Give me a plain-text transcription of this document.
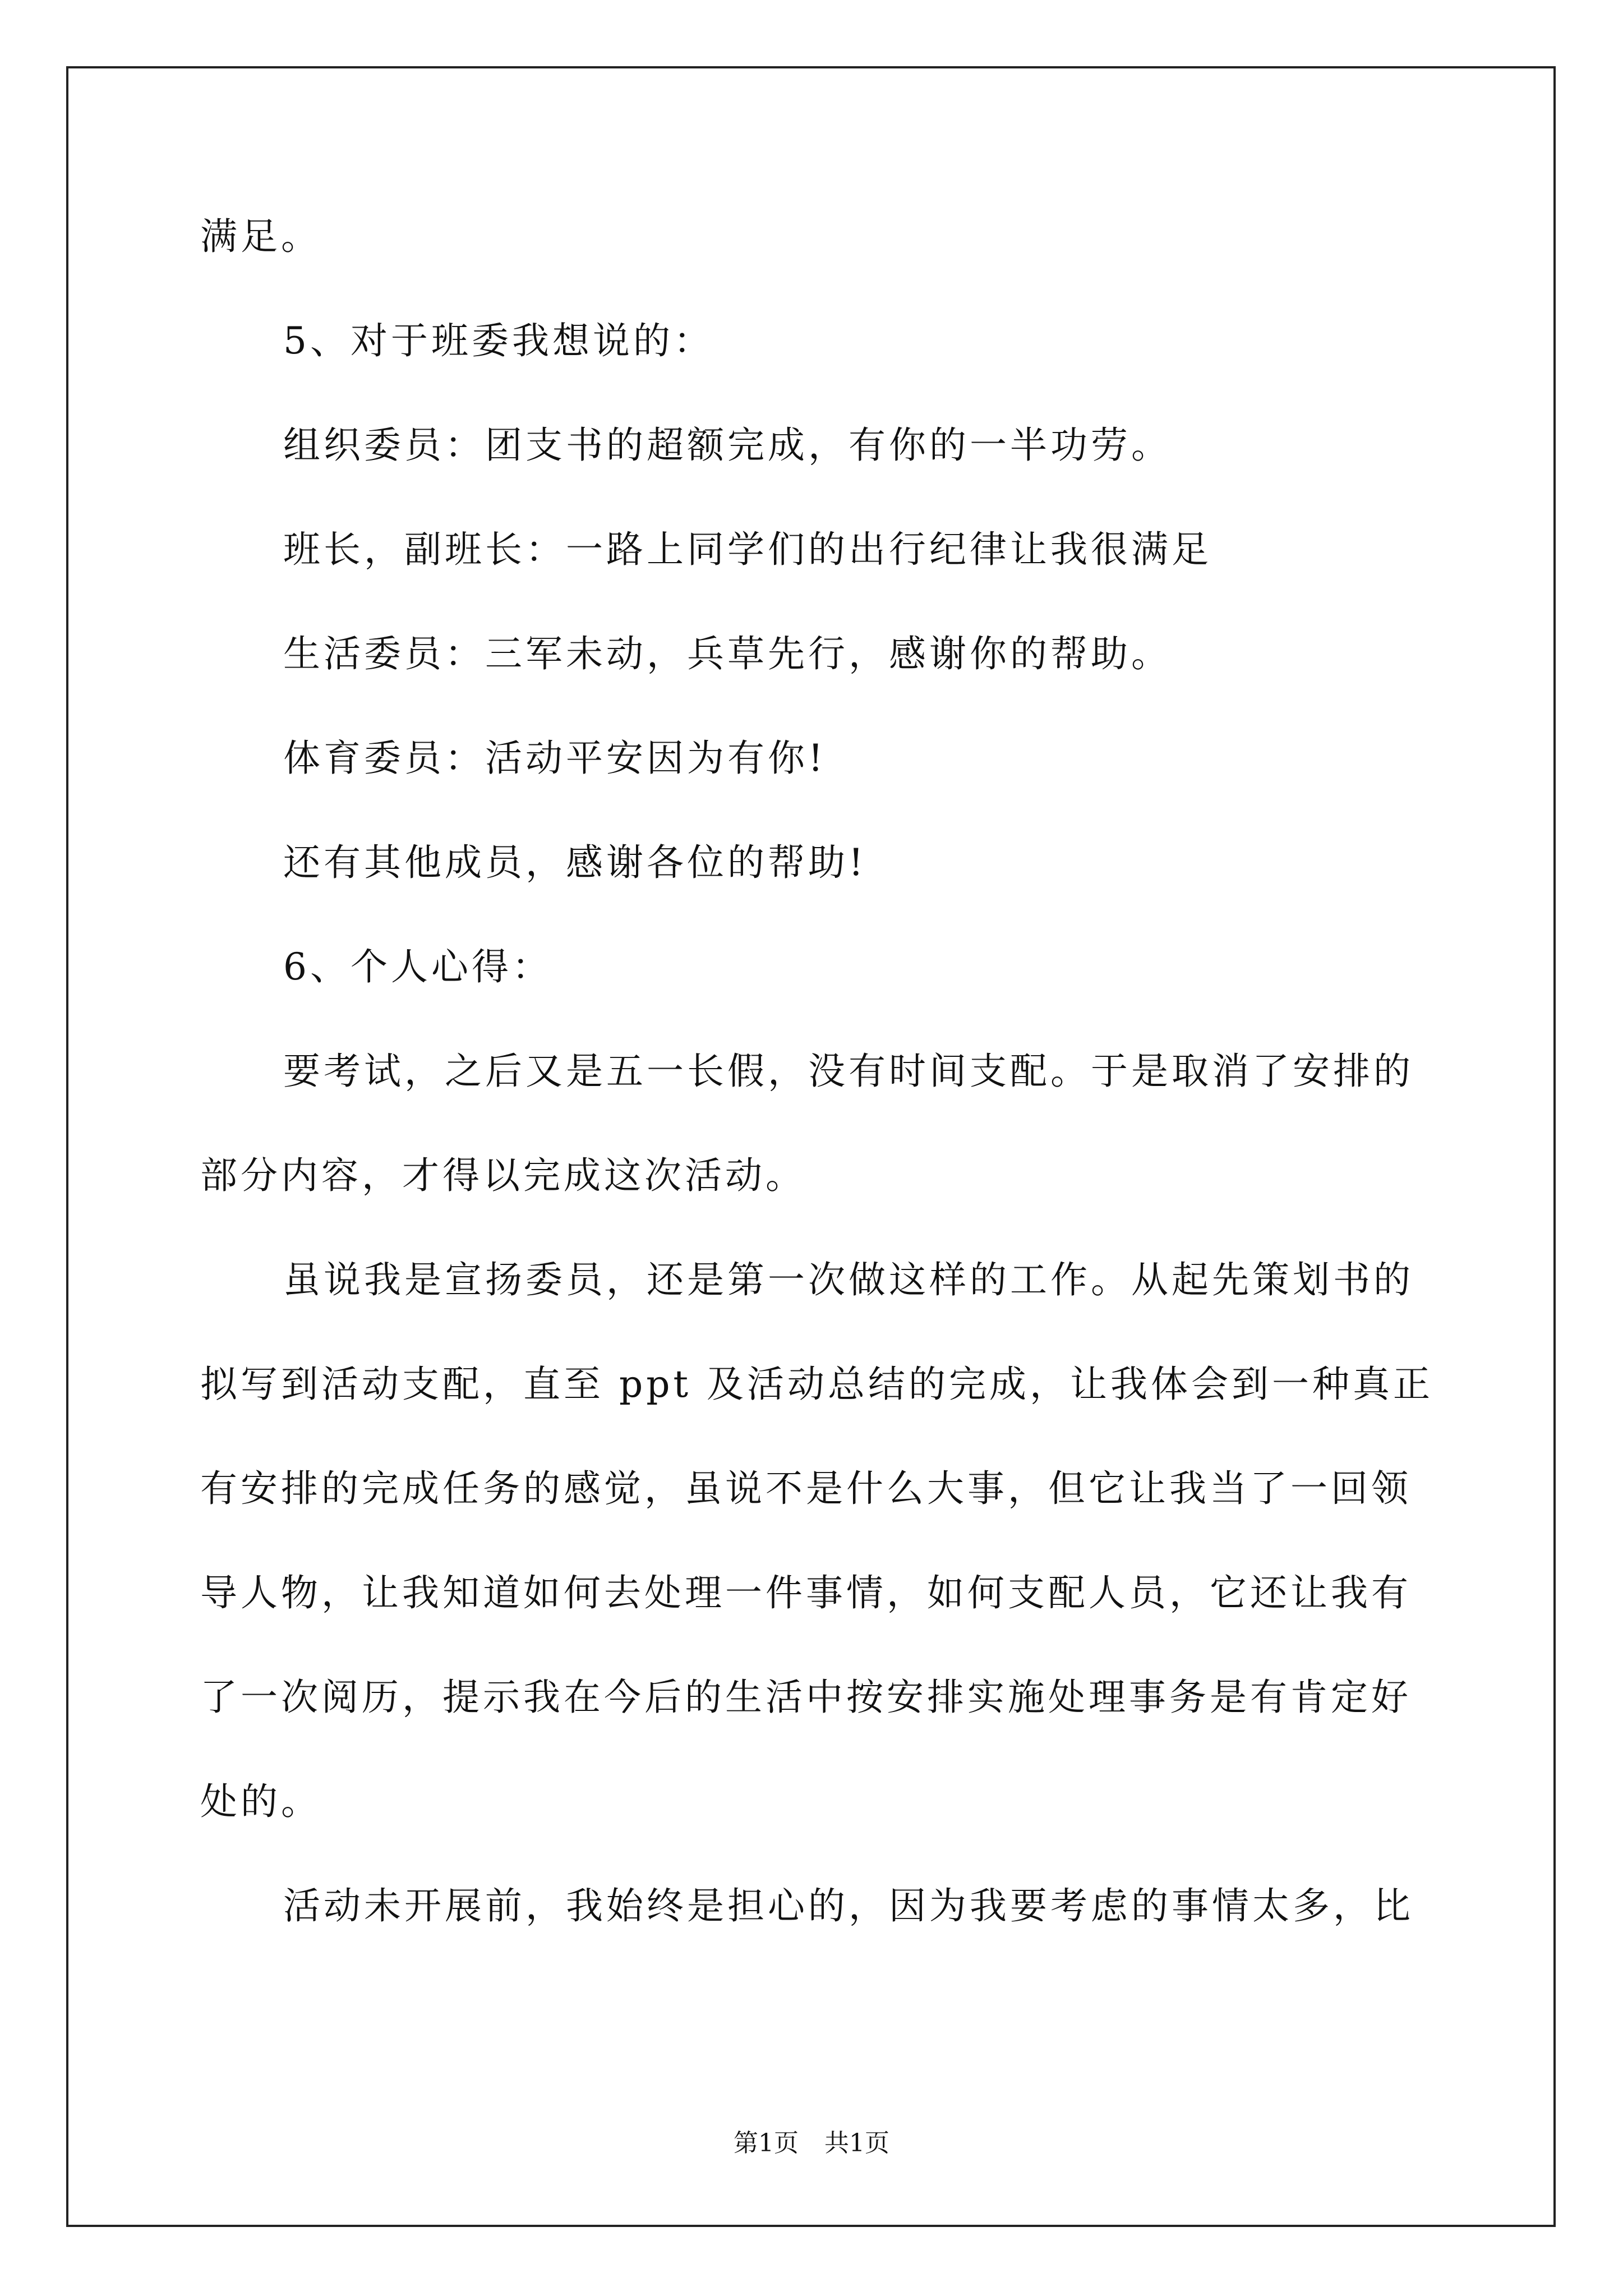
满足。
5、对于班委我想说的：
组织委员：团支书的超额完成，有你的一半功劳。
班长，副班长：一路上同学们的出行纪律让我很满足
生活委员：三军未动，兵草先行，感谢你的帮助。
体育委员：活动平安因为有你!
还有其他成员，感谢各位的帮助!
6、个人心得：
要考试，之后又是五一长假，没有时间支配。于是取消了安排的
部分内容，才得以完成这次活动。
虽说我是宣扬委员，还是第一次做这样的工作。从起先策划书的
拟写到活动支配，直至 ppt 及活动总结的完成，让我体会到一种真正
有安排的完成任务的感觉，虽说不是什么大事，但它让我当了一回领
导人物，让我知道如何去处理一件事情，如何支配人员，它还让我有
了一次阅历，提示我在今后的生活中按安排实施处理事务是有肯定好
处的。
活动未开展前，我始终是担心的，因为我要考虑的事情太多，比
第1页 共1页
